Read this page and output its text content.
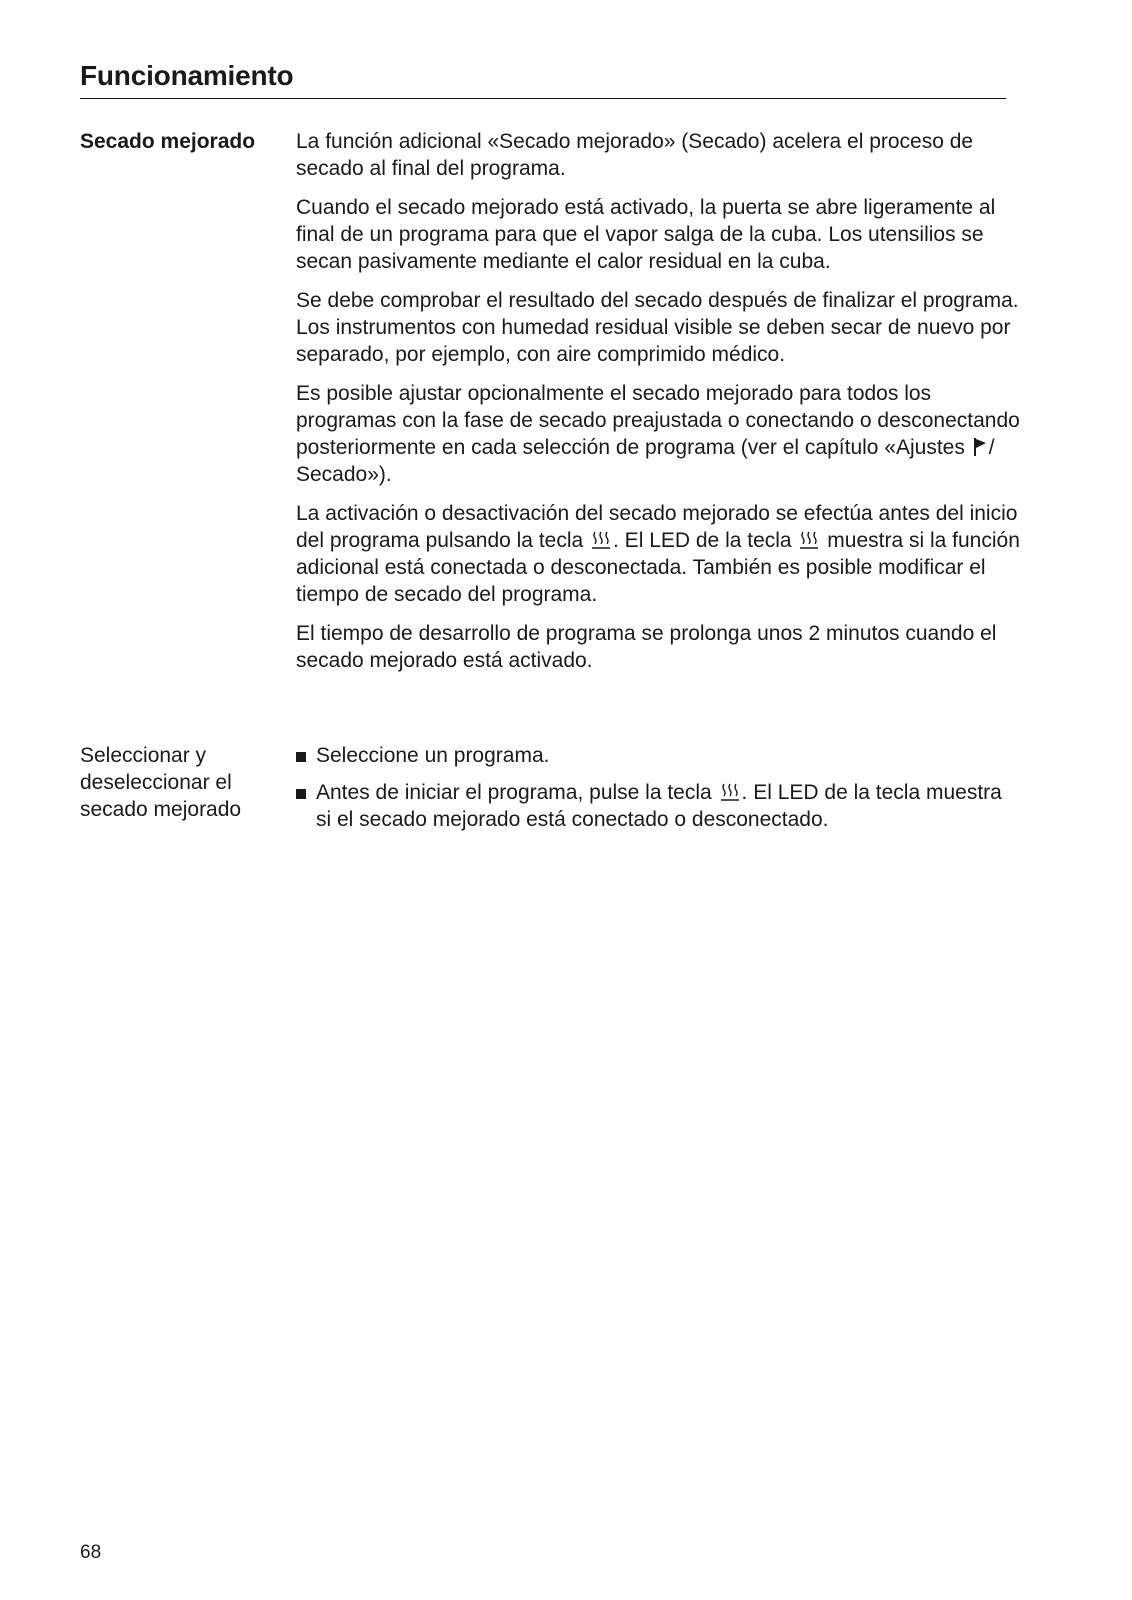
Funcionamiento
Secado mejorado	La función adicional «Secado mejorado» (Secado) acelera el proceso de secado al final del programa.

Cuando el secado mejorado está activado, la puerta se abre ligeramente al final de un programa para que el vapor salga de la cuba. Los utensilios se secan pasivamente mediante el calor residual en la cuba.

Se debe comprobar el resultado del secado después de finalizar el programa. Los instrumentos con humedad residual visible se deben secar de nuevo por separado, por ejemplo, con aire comprimido médico.

Es posible ajustar opcionalmente el secado mejorado para todos los programas con la fase de secado preajustada o conectando o desconectando posteriormente en cada selección de programa (ver el capítulo «Ajustes / Secado»).

La activación o desactivación del secado mejorado se efectúa antes del inicio del programa pulsando la tecla . El LED de la tecla  muestra si la función adicional está conectada o desconectada. También es posible modificar el tiempo de secado del programa.

El tiempo de desarrollo de programa se prolonga unos 2 minutos cuando el secado mejorado está activado.

Seleccionar y deseleccionar el secado mejorado
Seleccione un programa.
Antes de iniciar el programa, pulse la tecla . El LED de la tecla muestra si el secado mejorado está conectado o desconectado.
68
